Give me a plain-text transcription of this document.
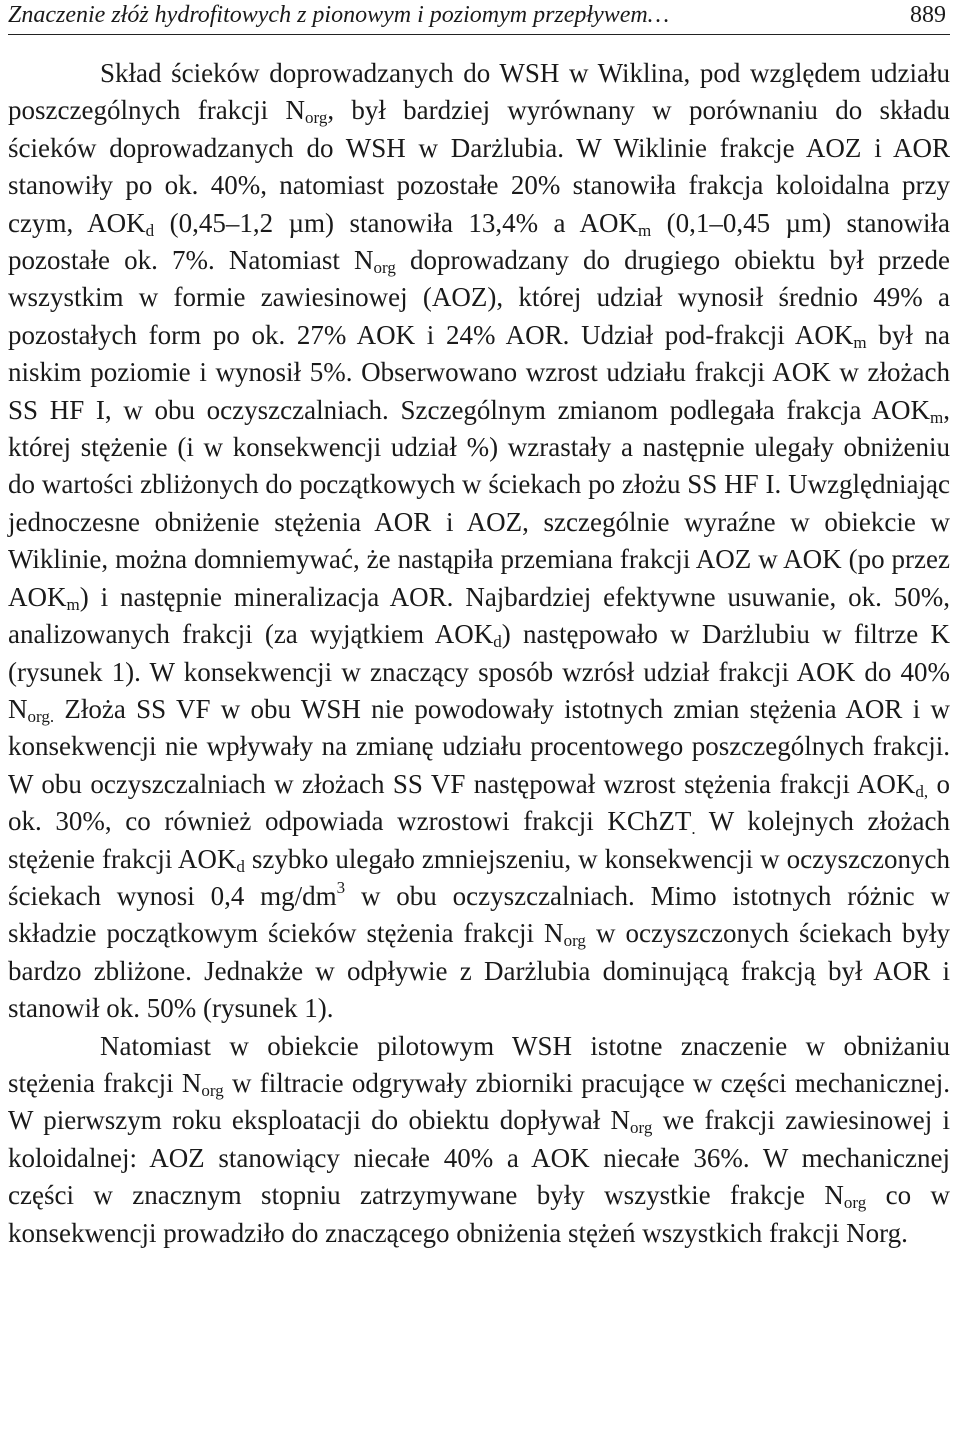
Znaczenie złóż hydrofitowych z pionowym i poziomym przepływem…	889

Skład ścieków doprowadzanych do WSH w Wiklina, pod względem udziału poszczególnych frakcji $N_{org}$, był bardziej wyrównany w porównaniu do składu ścieków doprowadzanych do WSH w Darżlubia. W Wiklinie frakcje AOZ i AOR stanowiły po ok. 40%, natomiast pozostałe 20% stanowiła frakcja koloidalna przy czym, $AOK_d$ (0,45–1,2 µm) stanowiła 13,4% a $AOK_m$ (0,1–0,45 µm) stanowiła pozostałe ok. 7%. Natomiast $N_{org}$ doprowadzany do drugiego obiektu był przede wszystkim w formie zawiesinowej (AOZ), której udział wynosił średnio 49% a pozostałych form po ok. 27% AOK i 24% AOR. Udział pod-frakcji $AOK_m$ był na niskim poziomie i wynosił 5%. Obserwowano wzrost udziału frakcji AOK w złożach SS HF I, w obu oczyszczalniach. Szczególnym zmianom podlegała frakcja $AOK_m$, której stężenie (i w konsekwencji udział %) wzrastały a następnie ulegały obniżeniu do wartości zbliżonych do początkowych w ściekach po złożu SS HF I. Uwzględniając jednoczesne obniżenie stężenia AOR i AOZ, szczególnie wyraźne w obiekcie w Wiklinie, można domniemywać, że nastąpiła przemiana frakcji AOZ w AOK (po przez $AOK_m$) i następnie mineralizacja AOR. Najbardziej efektywne usuwanie, ok. 50%, analizowanych frakcji (za wyjątkiem $AOK_d$) następowało w Darżlubiu w filtrze K (rysunek 1). W konsekwencji w znaczący sposób wzrósł udział frakcji AOK do 40% $N_{org.}$ Złoża SS VF w obu WSH nie powodowały istotnych zmian stężenia AOR i w konsekwencji nie wpływały na zmianę udziału procentowego poszczególnych frakcji. W obu oczyszczalniach w złożach SS VF następował wzrost stężenia frakcji $AOK_{d,}$ o ok. 30%, co również odpowiada wzrostowi frakcji KChZT$_.$ W kolejnych złożach stężenie frakcji $AOK_d$ szybko ulegało zmniejszeniu, w konsekwencji w oczyszczonych ściekach wynosi 0,4 $mg/dm^3$ w obu oczyszczalniach. Mimo istotnych różnic w składzie początkowym ścieków stężenia frakcji $N_{org}$ w oczyszczonych ściekach były bardzo zbliżone. Jednakże w odpływie z Darżlubia dominującą frakcją był AOR i stanowił ok. 50% (rysunek 1).

Natomiast w obiekcie pilotowym WSH istotne znaczenie w obniżaniu stężenia frakcji $N_{org}$ w filtracie odgrywały zbiorniki pracujące w części mechanicznej. W pierwszym roku eksploatacji do obiektu dopływał $N_{org}$ we frakcji zawiesinowej i koloidalnej: AOZ stanowiący niecałe 40% a AOK niecałe 36%. W mechanicznej części w znacznym stopniu zatrzymywane były wszystkie frakcje $N_{org}$ co w konsekwencji prowadziło do znaczącego obniżenia stężeń wszystkich frakcji Norg.
